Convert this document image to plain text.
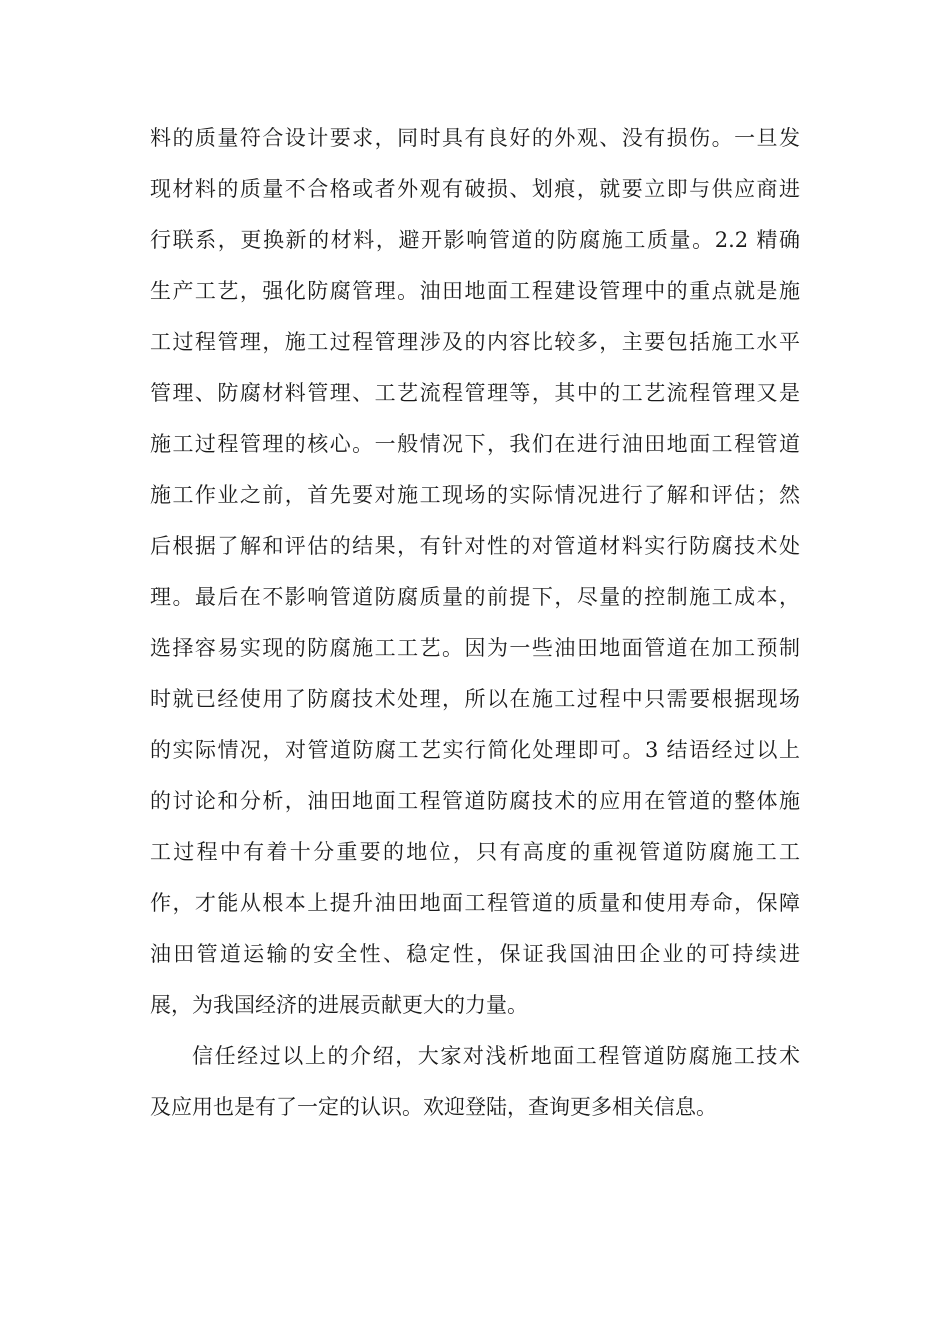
料的质量符合设计要求，同时具有良好的外观、没有损伤。一旦发
现材料的质量不合格或者外观有破损、划痕，就要立即与供应商进
行联系，更换新的材料，避开影响管道的防腐施工质量。2.2 精确
生产工艺，强化防腐管理。油田地面工程建设管理中的重点就是施
工过程管理，施工过程管理涉及的内容比较多，主要包括施工水平
管理、防腐材料管理、工艺流程管理等，其中的工艺流程管理又是
施工过程管理的核心。一般情况下，我们在进行油田地面工程管道
施工作业之前，首先要对施工现场的实际情况进行了解和评估；然
后根据了解和评估的结果，有针对性的对管道材料实行防腐技术处
理。最后在不影响管道防腐质量的前提下，尽量的控制施工成本，
选择容易实现的防腐施工工艺。因为一些油田地面管道在加工预制
时就已经使用了防腐技术处理，所以在施工过程中只需要根据现场
的实际情况，对管道防腐工艺实行简化处理即可。3 结语经过以上
的讨论和分析，油田地面工程管道防腐技术的应用在管道的整体施
工过程中有着十分重要的地位，只有高度的重视管道防腐施工工
作，才能从根本上提升油田地面工程管道的质量和使用寿命，保障
油田管道运输的安全性、稳定性，保证我国油田企业的可持续进
展，为我国经济的进展贡献更大的力量。
信任经过以上的介绍，大家对浅析地面工程管道防腐施工技术
及应用也是有了一定的认识。欢迎登陆，查询更多相关信息。
